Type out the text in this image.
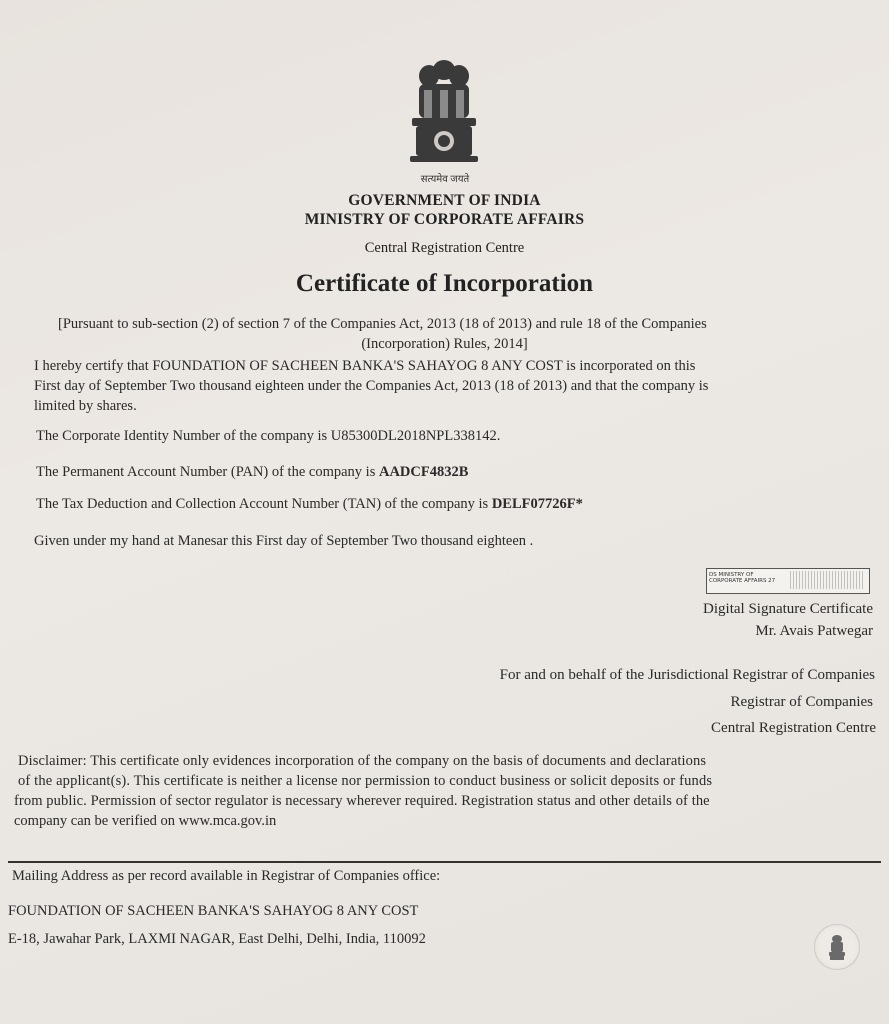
सत्यमेव जयते
GOVERNMENT OF INDIA
MINISTRY OF CORPORATE AFFAIRS
Central Registration Centre
Certificate of Incorporation
[Pursuant to sub-section (2) of section 7 of the Companies Act, 2013 (18 of 2013) and rule 18 of the Companies
(Incorporation) Rules, 2014]
I hereby certify that FOUNDATION OF SACHEEN BANKA'S SAHAYOG 8 ANY COST is incorporated on this
First day of September Two thousand eighteen under the Companies Act, 2013 (18 of 2013) and that the company is
limited by shares.
The Corporate Identity Number of the company is U85300DL2018NPL338142.
The Permanent Account Number (PAN) of the company is AADCF4832B
The Tax Deduction and Collection Account Number (TAN) of the company is DELF07726F*
Given under my hand at Manesar this First day of September Two thousand eighteen .
DS MINISTRY OF
CORPORATE AFFAIRS 27
Digital Signature Certificate
Mr. Avais Patwegar
For and on behalf of the Jurisdictional Registrar of Companies
Registrar of Companies
Central Registration Centre
Disclaimer: This certificate only evidences incorporation of the company on the basis of documents and declarations
of the applicant(s). This certificate is neither a license nor permission to conduct business or solicit deposits or funds
from public. Permission of sector regulator is necessary wherever required. Registration status and other details of the
company can be verified on www.mca.gov.in
Mailing Address as per record available in Registrar of Companies office:
FOUNDATION OF SACHEEN BANKA'S SAHAYOG 8 ANY COST
E-18, Jawahar Park, LAXMI NAGAR, East Delhi, Delhi, India, 110092
